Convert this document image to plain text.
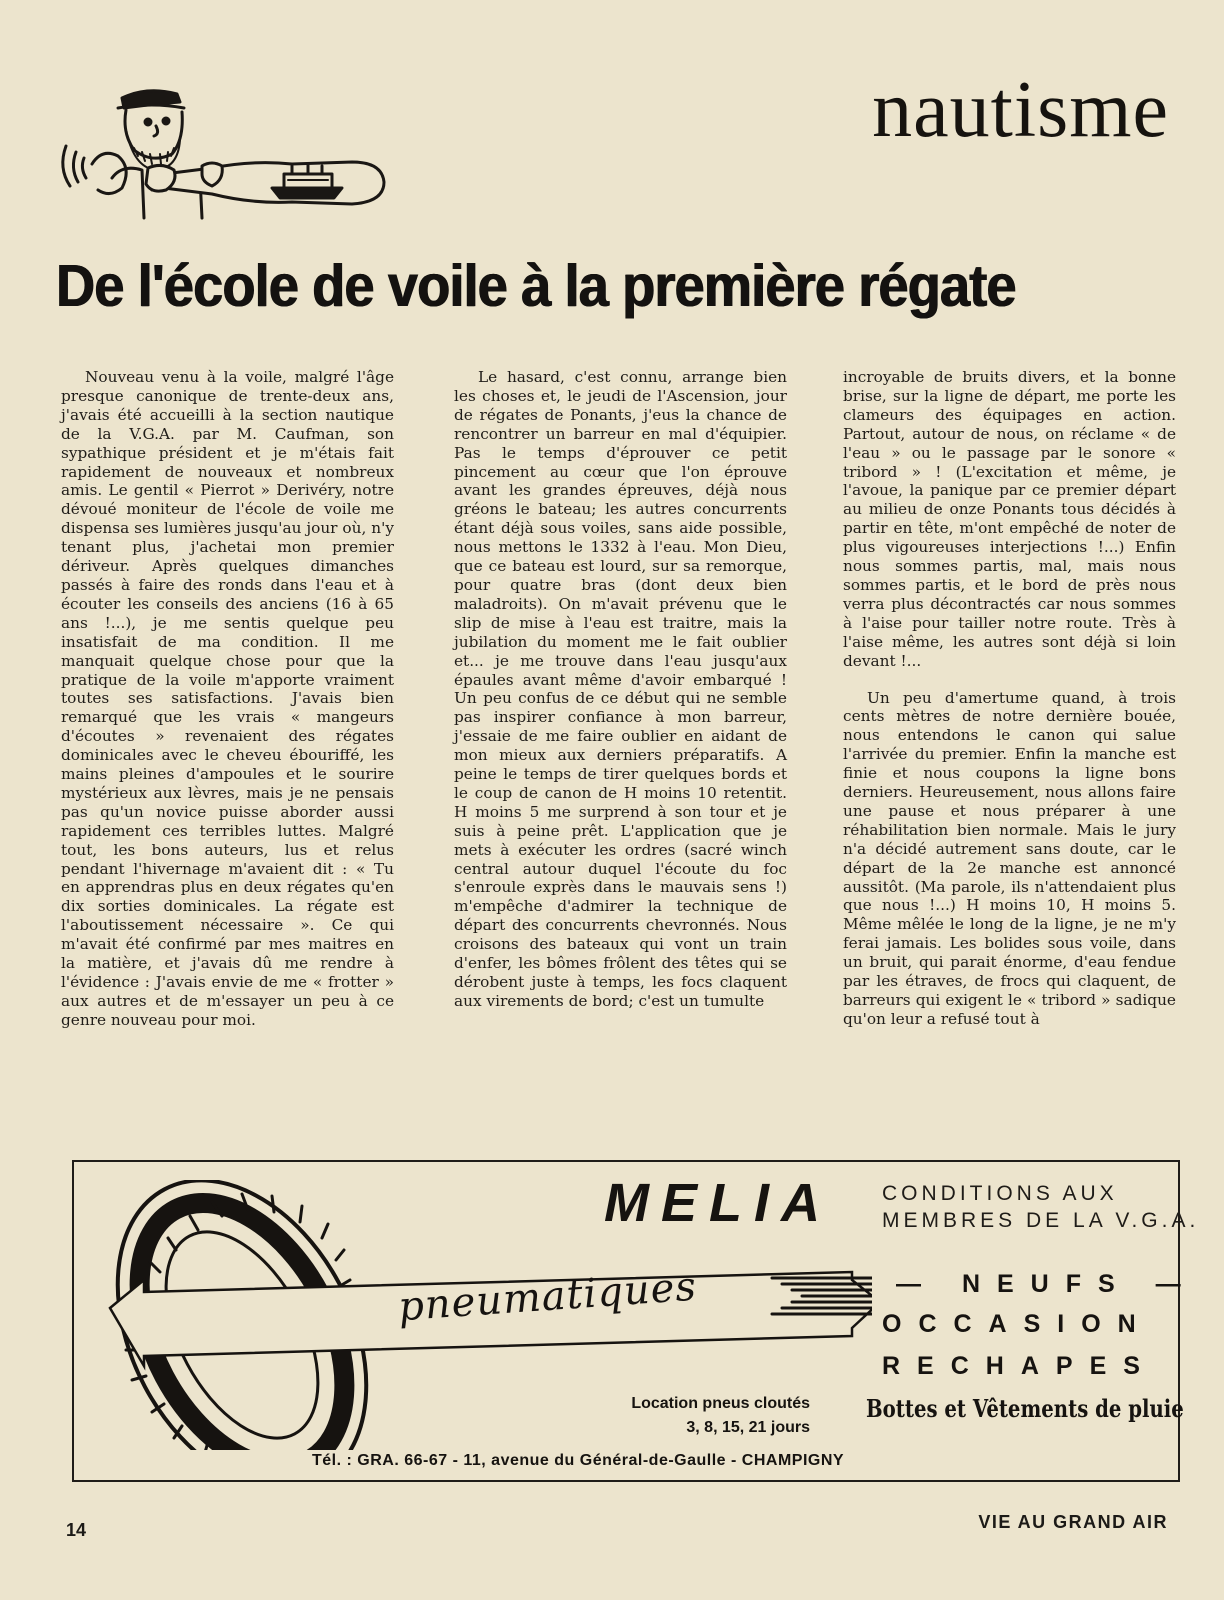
nautisme
De l'école de voile à la première régate

Nouveau venu à la voile, malgré l'âge presque canonique de trente-deux ans, j'avais été accueilli à la section nautique de la V.G.A. par M. Caufman, son sypathique président et je m'étais fait rapidement de nouveaux et nombreux amis. Le gentil « Pierrot » Derivéry, notre dévoué moniteur de l'école de voile me dispensa ses lumières jusqu'au jour où, n'y tenant plus, j'achetai mon premier dériveur. Après quelques dimanches passés à faire des ronds dans l'eau et à écouter les conseils des anciens (16 à 65 ans !...), je me sentis quelque peu insatisfait de ma condition. Il me manquait quelque chose pour que la pratique de la voile m'apporte vraiment toutes ses satisfactions. J'avais bien remarqué que les vrais « mangeurs d'écoutes » revenaient des régates dominicales avec le cheveu ébouriffé, les mains pleines d'ampoules et le sourire mystérieux aux lèvres, mais je ne pensais pas qu'un novice puisse aborder aussi rapidement ces terribles luttes. Malgré tout, les bons auteurs, lus et relus pendant l'hivernage m'avaient dit : « Tu en apprendras plus en deux régates qu'en dix sorties dominicales. La régate est l'aboutissement nécessaire ». Ce qui m'avait été confirmé par mes maitres en la matière, et j'avais dû me rendre à l'évidence : J'avais envie de me « frotter » aux autres et de m'essayer un peu à ce genre nouveau pour moi.

Le hasard, c'est connu, arrange bien les choses et, le jeudi de l'Ascension, jour de régates de Ponants, j'eus la chance de rencontrer un barreur en mal d'équipier. Pas le temps d'éprouver ce petit pincement au cœur que l'on éprouve avant les grandes épreuves, déjà nous gréons le bateau; les autres concurrents étant déjà sous voiles, sans aide possible, nous mettons le 1332 à l'eau. Mon Dieu, que ce bateau est lourd, sur sa remorque, pour quatre bras (dont deux bien maladroits). On m'avait prévenu que le slip de mise à l'eau est traitre, mais la jubilation du moment me le fait oublier et... je me trouve dans l'eau jusqu'aux épaules avant même d'avoir embarqué ! Un peu confus de ce début qui ne semble pas inspirer confiance à mon barreur, j'essaie de me faire oublier en aidant de mon mieux aux derniers préparatifs. A peine le temps de tirer quelques bords et le coup de canon de H moins 10 retentit. H moins 5 me surprend à son tour et je suis à peine prêt. L'application que je mets à exécuter les ordres (sacré winch central autour duquel l'écoute du foc s'enroule exprès dans le mauvais sens !) m'empêche d'admirer la technique de départ des concurrents chevronnés. Nous croisons des bateaux qui vont un train d'enfer, les bômes frôlent des têtes qui se dérobent juste à temps, les focs claquent aux virements de bord; c'est un tumulte

incroyable de bruits divers, et la bonne brise, sur la ligne de départ, me porte les clameurs des équipages en action. Partout, autour de nous, on réclame « de l'eau » ou le passage par le sonore « tribord » ! (L'excitation et même, je l'avoue, la panique par ce premier départ au milieu de onze Ponants tous décidés à partir en tête, m'ont empêché de noter de plus vigoureuses interjections !...) Enfin nous sommes partis, mal, mais nous sommes partis, et le bord de près nous verra plus décontractés car nous sommes à l'aise pour tailler notre route. Très à l'aise même, les autres sont déjà si loin devant !...

Un peu d'amertume quand, à trois cents mètres de notre dernière bouée, nous entendons le canon qui salue l'arrivée du premier. Enfin la manche est finie et nous coupons la ligne bons derniers. Heureusement, nous allons faire une pause et nous préparer à une réhabilitation bien normale. Mais le jury n'a décidé autrement sans doute, car le départ de la 2e manche est annoncé aussitôt. (Ma parole, ils n'attendaient plus que nous !...) H moins 10, H moins 5. Même mêlée le long de la ligne, je ne m'y ferai jamais. Les bolides sous voile, dans un bruit, qui parait énorme, d'eau fendue par les étraves, de frocs qui claquent, de barreurs qui exigent le « tribord » sadique qu'on leur a refusé tout à

MELIA
pneumatiques
CONDITIONS AUX
MEMBRES DE LA V.G.A.
— NEUFS —
OCCASION
RECHAPES
Bottes et Vêtements de pluie
Location pneus cloutés
3, 8, 15, 21 jours
Tél. : GRA. 66-67 - 11, avenue du Général-de-Gaulle - CHAMPIGNY
14	VIE AU GRAND AIR
